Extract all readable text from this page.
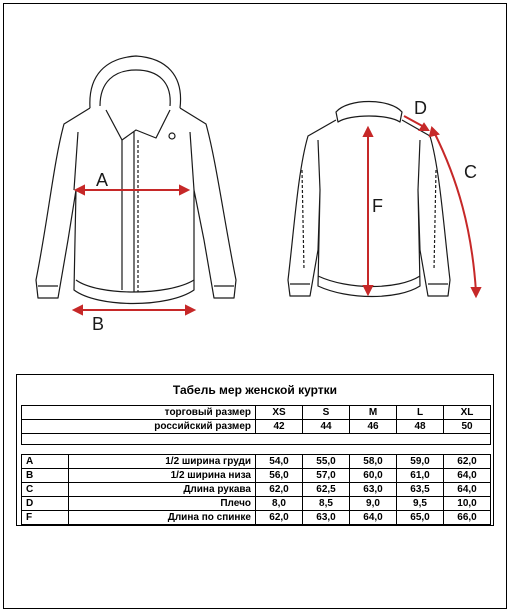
A
B
C
D
F
Табель мер женской куртки
торговый размер		XS	S	M	L	XL
российский размер		42	44	46	48	50

A	1/2 ширина груди	54,0	55,0	58,0	59,0	62,0
B	1/2 ширина низа	56,0	57,0	60,0	61,0	64,0
C	Длина рукава	62,0	62,5	63,0	63,5	64,0
D	Плечо	8,0	8,5	9,0	9,5	10,0
F	Длина по спинке	62,0	63,0	64,0	65,0	66,0
